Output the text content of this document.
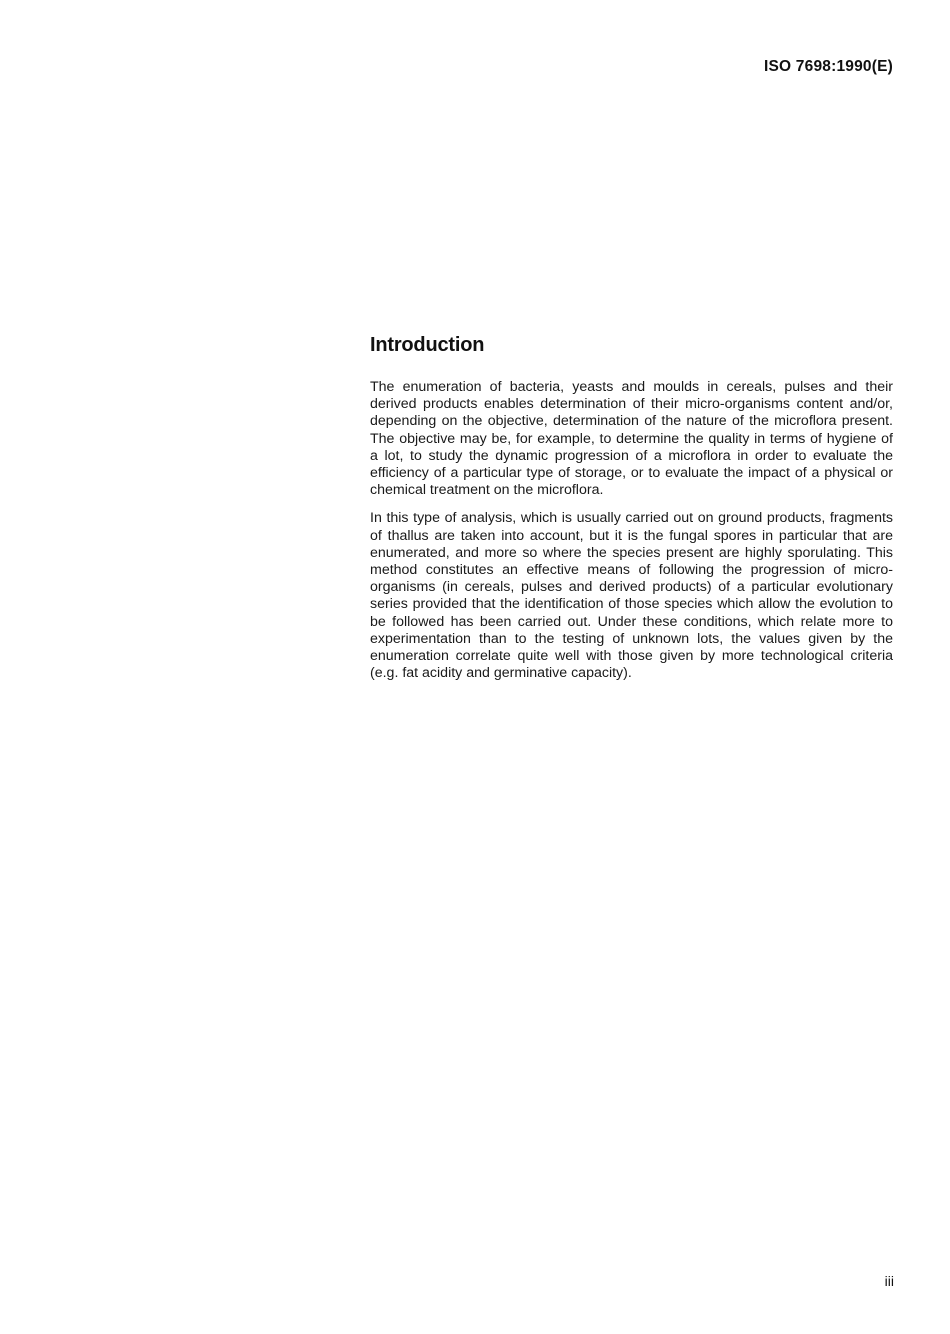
ISO 7698:1990(E)
Introduction

The enumeration of bacteria, yeasts and moulds in cereals, pulses and their derived products enables determination of their micro-organisms content and/or, depending on the objective, determination of the nature of the microflora present. The objective may be, for example, to determine the quality in terms of hygiene of a lot, to study the dynamic progression of a microflora in order to evaluate the efficiency of a particular type of storage, or to evaluate the impact of a physical or chemical treatment on the microflora.

In this type of analysis, which is usually carried out on ground products, fragments of thallus are taken into account, but it is the fungal spores in particular that are enumerated, and more so where the species present are highly sporulating. This method constitutes an effective means of following the progression of micro-organisms (in cereals, pulses and derived products) of a particular evolutionary series provided that the identification of those species which allow the evolution to be followed has been carried out. Under these conditions, which relate more to experimentation than to the testing of unknown lots, the values given by the enumeration correlate quite well with those given by more technological criteria (e.g. fat acidity and germinative capacity).

iii
